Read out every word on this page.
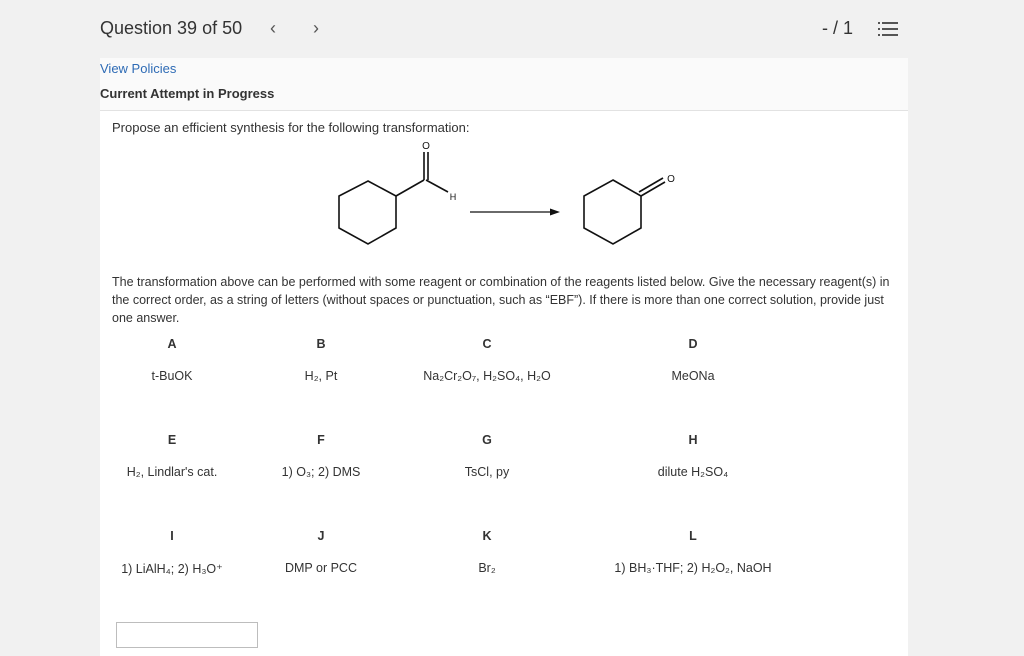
Question 39 of 50 ‹ ›	- / 1
View Policies
Current Attempt in Progress
Propose an efficient synthesis for the following transformation:
O
H
O
The transformation above can be performed with some reagent or combination of the reagents listed below. Give the necessary reagent(s) in the correct order, as a string of letters (without spaces or punctuation, such as “EBF”). If there is more than one correct solution, provide just one answer.
A
t-BuOK
B
H₂, Pt
C
Na₂Cr₂O₇, H₂SO₄, H₂O
D
MeONa
E
H₂, Lindlar's cat.
F
1) O₃; 2) DMS
G
TsCl, py
H
dilute H₂SO₄
I
1) LiAlH₄; 2) H₃O⁺
J
DMP or PCC
K
Br₂
L
1) BH₃·THF; 2) H₂O₂, NaOH
